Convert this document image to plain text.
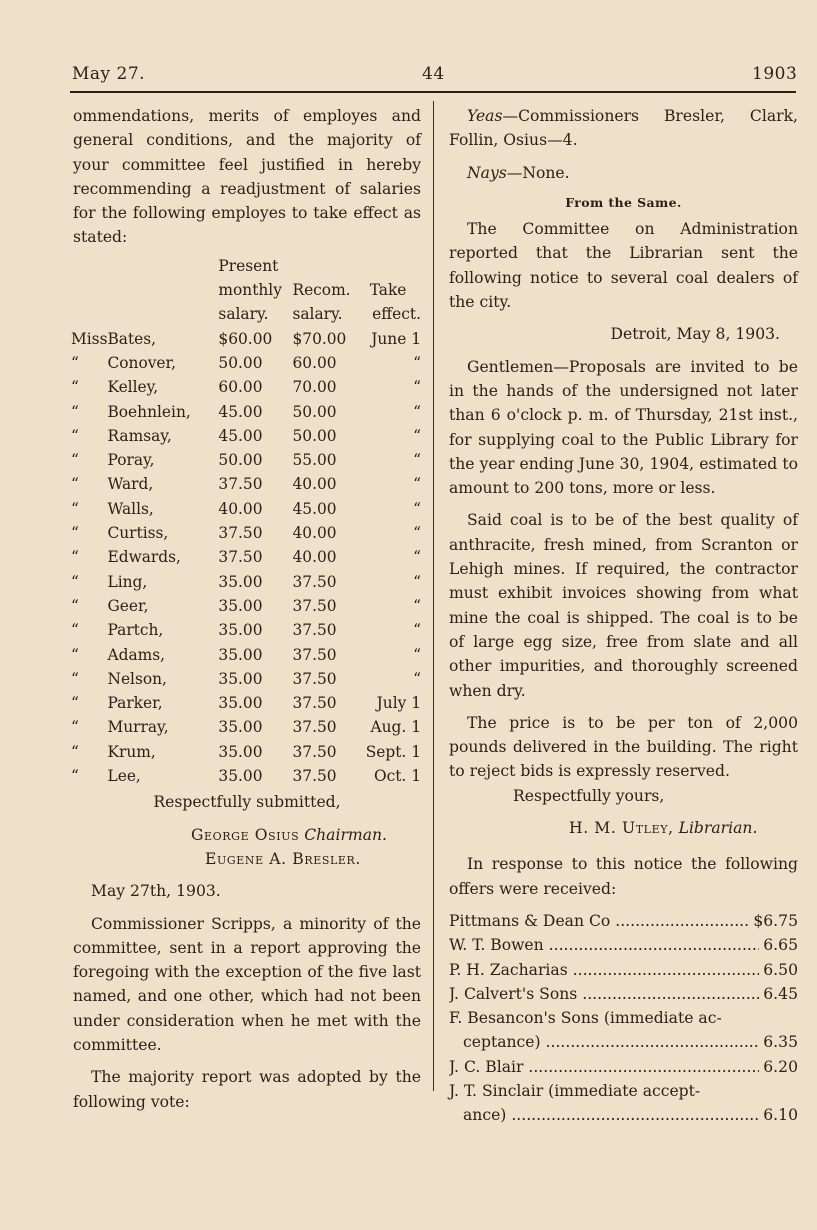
May 27.	44	1903

ommendations, merits of employes and general conditions, and the majority of your committee feel justified in hereby recommending a readjustment of salaries for the following employes to take effect as stated:

		Present		
		monthly	Recom.	Take
		salary.	salary.	effect.
Miss	Bates,	$60.00	$70.00	June 1
“	Conover,	50.00	60.00	“
“	Kelley,	60.00	70.00	“
“	Boehnlein,	45.00	50.00	“
“	Ramsay,	45.00	50.00	“
“	Poray,	50.00	55.00	“
“	Ward,	37.50	40.00	“
“	Walls,	40.00	45.00	“
“	Curtiss,	37.50	40.00	“
“	Edwards,	37.50	40.00	“
“	Ling,	35.00	37.50	“
“	Geer,	35.00	37.50	“
“	Partch,	35.00	37.50	“
“	Adams,	35.00	37.50	“
“	Nelson,	35.00	37.50	“
“	Parker,	35.00	37.50	July 1
“	Murray,	35.00	37.50	Aug. 1
“	Krum,	35.00	37.50	Sept. 1
“	Lee,	35.00	37.50	Oct. 1

Respectfully submitted,

George Osius Chairman.

Eugene A. Bresler.

May 27th, 1903.

Commissioner Scripps, a minority of the committee, sent in a report approving the foregoing with the exception of the five last named, and one other, which had not been under consideration when he met with the committee.

The majority report was adopted by the following vote:

Yeas—Commissioners Bresler, Clark, Follin, Osius—4.

Nays—None.

From the Same.

The Committee on Administration reported that the Librarian sent the following notice to several coal dealers of the city.

Detroit, May 8, 1903.

Gentlemen—Proposals are invited to be in the hands of the undersigned not later than 6 o'clock p. m. of Thursday, 21st inst., for supplying coal to the Public Library for the year ending June 30, 1904, estimated to amount to 200 tons, more or less.

Said coal is to be of the best quality of anthracite, fresh mined, from Scranton or Lehigh mines. If required, the contractor must exhibit invoices showing from what mine the coal is shipped. The coal is to be of large egg size, free from slate and all other impurities, and thoroughly screened when dry.

The price is to be per ton of 2,000 pounds delivered in the building. The right to reject bids is expressly reserved.

Respectfully yours,

H. M. Utley, Librarian.

In response to this notice the following offers were received:

Pittmans & Dean Co .....	$6.75
W. T. Bowen .....	6.65
P. H. Zacharias .....	6.50
J. Calvert's Sons .....	6.45
F. Besancon's Sons (immediate ac-
ceptance) .....	6.35
J. C. Blair .....	6.20
J. T. Sinclair (immediate accept-
ance) .....	6.10
